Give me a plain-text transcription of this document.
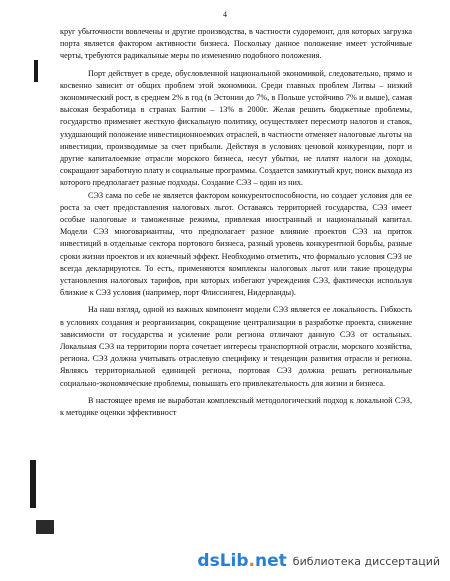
4

круг убыточности вовлечены и другие производства, в частности судоремонт, для которых загрузка порта является фактором активности бизнеса. Поскольку данное положение имеет устойчивые черты, требуются радикальные меры по изменению подобного положения.

Порт действует в среде, обусловленной национальной экономикой, следовательно, прямо и косвенно зависит от общих проблем этой экономики. Среди главных проблем Литвы – низкий экономический рост, в среднем 2% в год (в Эстонии до 7%, в Польше устойчиво 7% и выше), самая высокая безработица в странах Балтии – 13% в 2000г. Желая решить бюджетные проблемы, государство применяет жесткую фискальную политику, осуществляет пересмотр налогов и ставок, ухудшающий положение инвестиционноемких отраслей, в частности отменяет налоговые льготы на инвестиции, производимые за счет прибыли. Действуя в условиях ценовой конкуренции, порт и другие капиталоемкие отрасли морского бизнеса, несут убытки, не платят налоги на доходы, сокращают заработную плату и социальные программы. Создается замкнутый круг, поиск выхода из которого предполагает разные подходы. Создание СЭЗ – один из них.

СЭЗ сама по себе не является фактором конкурентоспособности, но создает условия для ее роста за счет предоставления налоговых льгот. Оставаясь территорией государства, СЭЗ имеет особые налоговые и таможенные режимы, привлекая иностранный и национальный капитал. Модели СЭЗ многовариантны, что предполагает разное влияние проектов СЭЗ на приток инвестиций в отдельные сектора портового бизнеса, разный уровень конкурентной борьбы, разные сроки жизни проектов и их конечный эффект. Необходимо отметить, что формально условия СЭЗ не всегда декларируются. То есть, применяются комплексы налоговых льгот или такие процедуры установления налоговых тарифов, при которых избегают учреждения СЭЗ, фактически используя близкие к СЭЗ условия (например, порт Флиссинген, Нидерланды).

На наш взгляд, одной из важных компонент модели СЭЗ является ее локальность. Гибкость в условиях создания и реорганизации, сокращение централизации в разработке проекта, снижение зависимости от государства и усиление роли региона отличают данную СЭЗ от остальных. Локальная СЭЗ на территории порта сочетает интересы транспортной отрасли, морского хозяйства, региона. СЭЗ должна учитывать отраслевую специфику и тенденции развития отрасли и региона. Являясь территориальной единицей региона, портовая СЭЗ должна решать региональные социально-экономические проблемы, повышать его привлекательность для жизни и бизнеса.

В настоящее время не выработан комплексный методологический подход к локальной СЭЗ, к методике оценки эффективност

dsLib.net библиотека диссертаций
